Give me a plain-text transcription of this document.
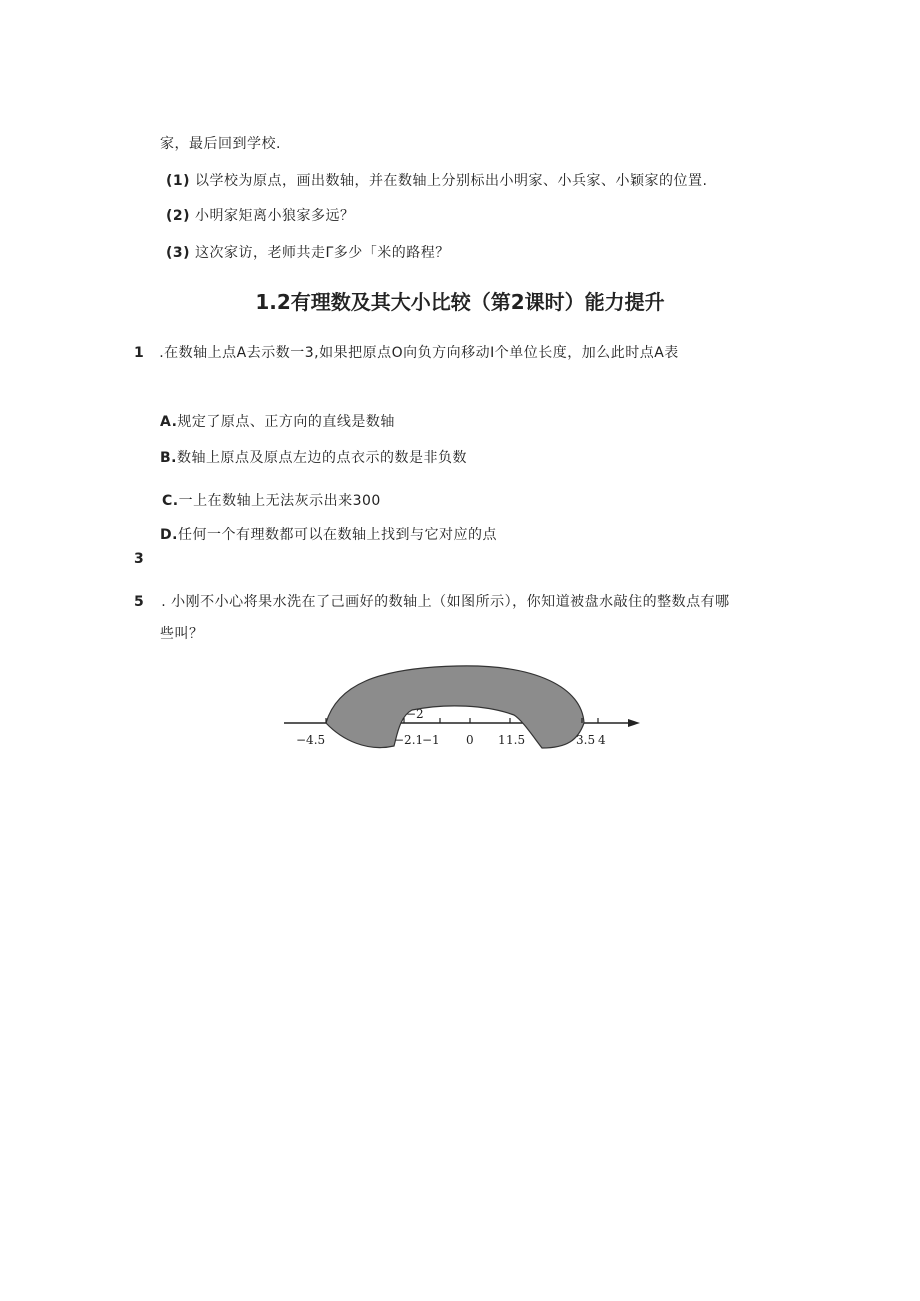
家，最后回到学校.
(1) 以学校为原点，画出数轴，并在数轴上分别标出小明家、小兵家、小颖家的位置.
(2) 小明家矩离小狼家多远？
(3) 这次家访，老师共走Γ多少「米的路程？
1.2有理数及其大小比较（第2课时）能力提升
1 .在数轴上点A去示数一3,如果把原点O向负方向移动I个单位长度，加么此时点A表
A.规定了原点、正方向的直线是数轴
B.数轴上原点及原点左边的点衣示的数是非负数
C.一上在数轴上无法灰示出来300
D.任何一个有理数都可以在数轴上找到与它对应的点
3
5 . 小刚不小心将果水洗在了己画好的数轴上（如图所示），你知道被盘水敲住的整数点有哪
些叫？
−4.5
−2
−2.1
−1 0 1 1.5	3.5 4
